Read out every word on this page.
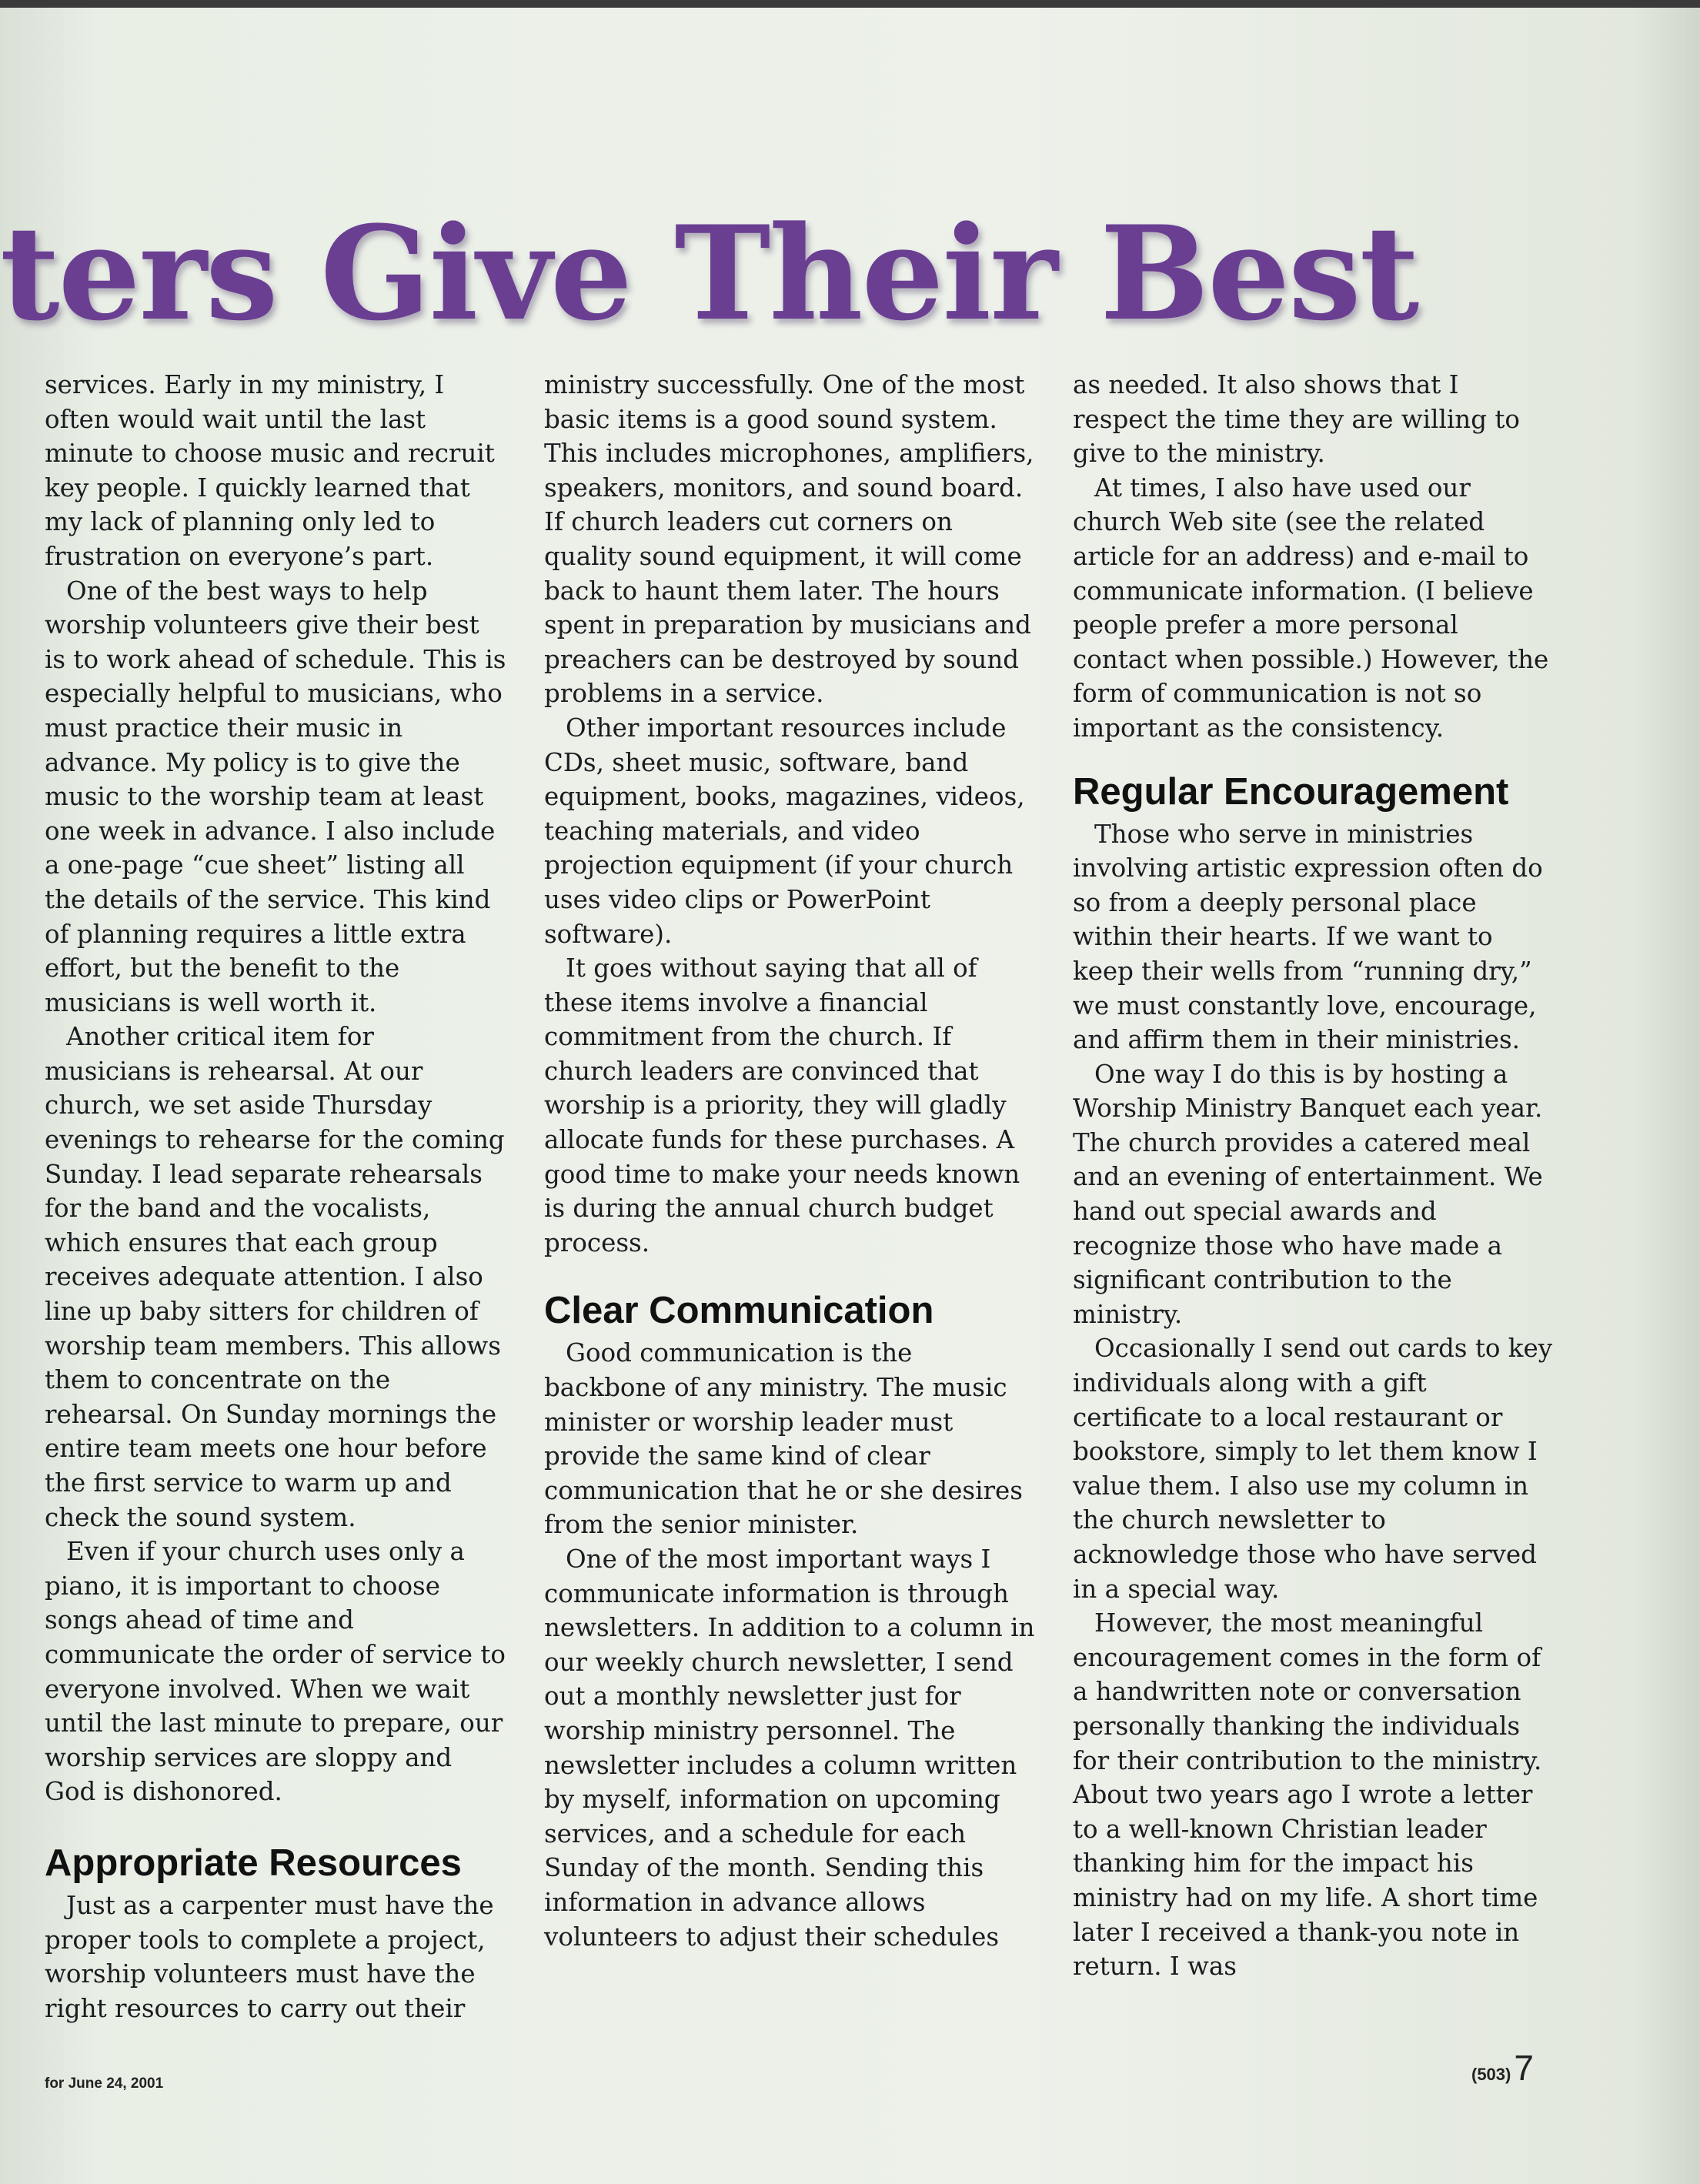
ters Give Their Best

services. Early in my ministry, I often would wait until the last minute to choose music and recruit key people. I quickly learned that my lack of planning only led to frustration on everyone’s part.

One of the best ways to help worship volunteers give their best is to work ahead of schedule. This is especially helpful to musicians, who must practice their music in advance. My policy is to give the music to the worship team at least one week in advance. I also include a one-page “cue sheet” listing all the details of the service. This kind of planning requires a little extra effort, but the benefit to the musicians is well worth it.

Another critical item for musicians is rehearsal. At our church, we set aside Thursday evenings to rehearse for the coming Sunday. I lead separate rehearsals for the band and the vocalists, which ensures that each group receives adequate attention. I also line up baby sitters for children of worship team members. This allows them to concentrate on the rehearsal. On Sunday mornings the entire team meets one hour before the first service to warm up and check the sound system.

Even if your church uses only a piano, it is important to choose songs ahead of time and communicate the order of service to everyone involved. When we wait until the last minute to prepare, our worship services are sloppy and God is dishonored.

Appropriate Resources

Just as a carpenter must have the proper tools to complete a project, worship volunteers must have the right resources to carry out their

ministry successfully. One of the most basic items is a good sound system. This includes microphones, amplifiers, speakers, monitors, and sound board. If church leaders cut corners on quality sound equipment, it will come back to haunt them later. The hours spent in preparation by musicians and preachers can be destroyed by sound problems in a service.

Other important resources include CDs, sheet music, software, band equipment, books, magazines, videos, teaching materials, and video projection equipment (if your church uses video clips or PowerPoint software).

It goes without saying that all of these items involve a financial commitment from the church. If church leaders are convinced that worship is a priority, they will gladly allocate funds for these purchases. A good time to make your needs known is during the annual church budget process.

Clear Communication

Good communication is the backbone of any ministry. The music minister or worship leader must provide the same kind of clear communication that he or she desires from the senior minister.

One of the most important ways I communicate information is through newsletters. In addition to a column in our weekly church newsletter, I send out a monthly newsletter just for worship ministry personnel. The newsletter includes a column written by myself, information on upcoming services, and a schedule for each Sunday of the month. Sending this information in advance allows volunteers to adjust their schedules

as needed. It also shows that I respect the time they are willing to give to the ministry.

At times, I also have used our church Web site (see the related article for an address) and e-mail to communicate information. (I believe people prefer a more personal contact when possible.) However, the form of communication is not so important as the consistency.

Regular Encouragement

Those who serve in ministries involving artistic expression often do so from a deeply personal place within their hearts. If we want to keep their wells from “running dry,” we must constantly love, encourage, and affirm them in their ministries.

One way I do this is by hosting a Worship Ministry Banquet each year. The church provides a catered meal and an evening of entertainment. We hand out special awards and recognize those who have made a significant contribution to the ministry.

Occasionally I send out cards to key individuals along with a gift certificate to a local restaurant or bookstore, simply to let them know I value them. I also use my column in the church newsletter to acknowledge those who have served in a special way.

However, the most meaningful encouragement comes in the form of a handwritten note or conversation personally thanking the individuals for their contribution to the ministry. About two years ago I wrote a letter to a well-known Christian leader thanking him for the impact his ministry had on my life. A short time later I received a thank-you note in return. I was

for June 24, 2001	(503)7
